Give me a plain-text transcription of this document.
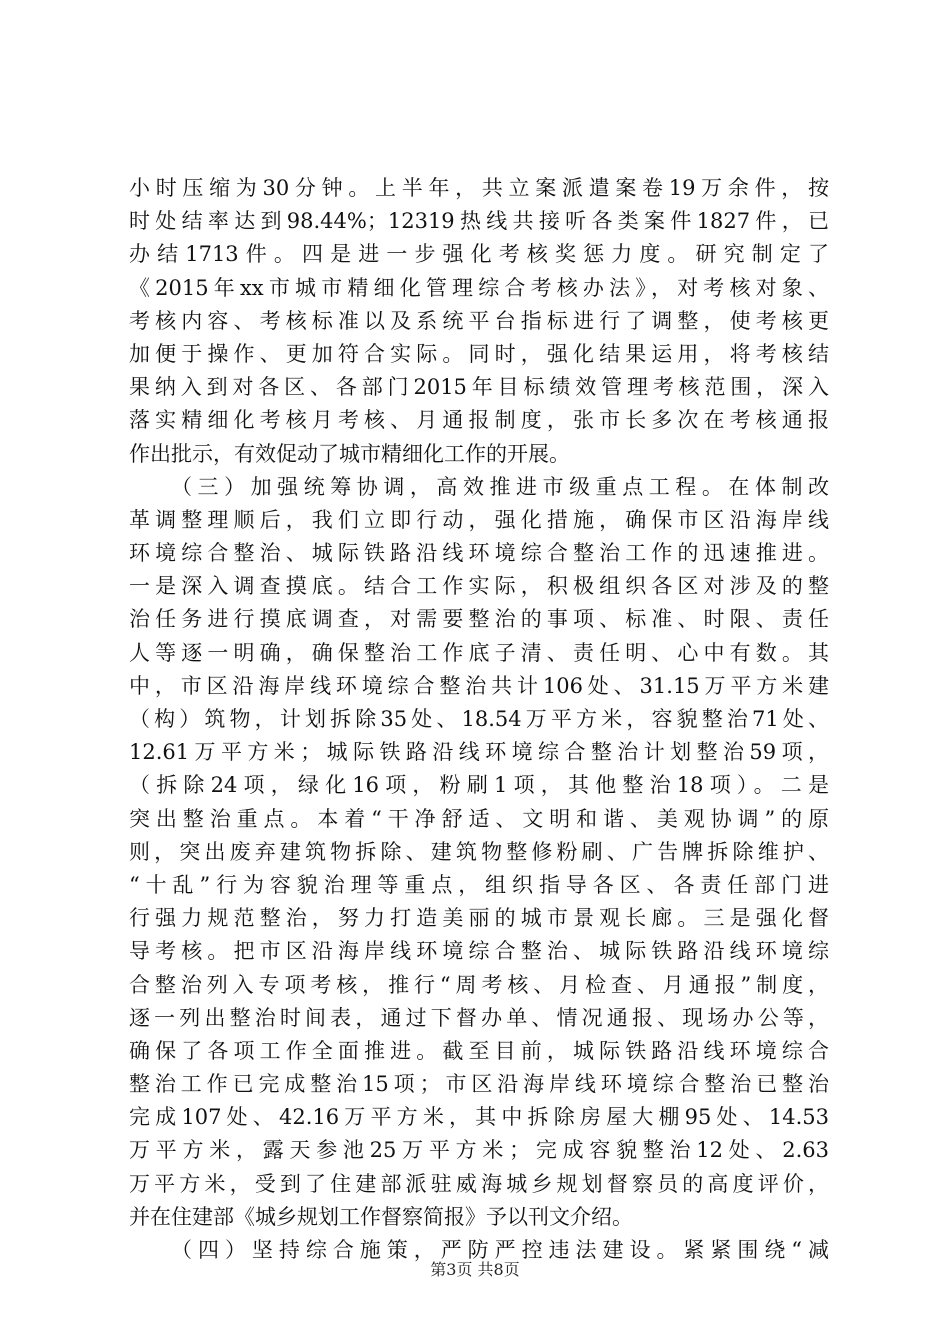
小时压缩为30分钟。上半年，共立案派遣案卷19万余件，按
时处结率达到98.44%；12319热线共接听各类案件1827件，已
办结1713件。四是进一步强化考核奖惩力度。研究制定了
《2015年xx市城市精细化管理综合考核办法》，对考核对象、
考核内容、考核标准以及系统平台指标进行了调整，使考核更
加便于操作、更加符合实际。同时，强化结果运用，将考核结
果纳入到对各区、各部门2015年目标绩效管理考核范围，深入
落实精细化考核月考核、月通报制度，张市长多次在考核通报
作出批示，有效促动了城市精细化工作的开展。
（三）加强统筹协调，高效推进市级重点工程。在体制改
革调整理顺后，我们立即行动，强化措施，确保市区沿海岸线
环境综合整治、城际铁路沿线环境综合整治工作的迅速推进。
一是深入调查摸底。结合工作实际，积极组织各区对涉及的整
治任务进行摸底调查，对需要整治的事项、标准、时限、责任
人等逐一明确，确保整治工作底子清、责任明、心中有数。其
中，市区沿海岸线环境综合整治共计106处、31.15万平方米建
（构）筑物，计划拆除35处、18.54万平方米，容貌整治71处、
12.61万平方米；城际铁路沿线环境综合整治计划整治59项，
（拆除24项，绿化16项，粉刷1项，其他整治18项）。二是
突出整治重点。本着“干净舒适、文明和谐、美观协调”的原
则，突出废弃建筑物拆除、建筑物整修粉刷、广告牌拆除维护、
“十乱”行为容貌治理等重点，组织指导各区、各责任部门进
行强力规范整治，努力打造美丽的城市景观长廊。三是强化督
导考核。把市区沿海岸线环境综合整治、城际铁路沿线环境综
合整治列入专项考核，推行“周考核、月检查、月通报”制度，
逐一列出整治时间表，通过下督办单、情况通报、现场办公等，
确保了各项工作全面推进。截至目前，城际铁路沿线环境综合
整治工作已完成整治15项；市区沿海岸线环境综合整治已整治
完成107处、42.16万平方米，其中拆除房屋大棚95处、14.53
万平方米，露天参池25万平方米；完成容貌整治12处、2.63
万平方米，受到了住建部派驻威海城乡规划督察员的高度评价，
并在住建部《城乡规划工作督察简报》予以刊文介绍。
（四）坚持综合施策，严防严控违法建设。紧紧围绕“减
第3页 共8页
